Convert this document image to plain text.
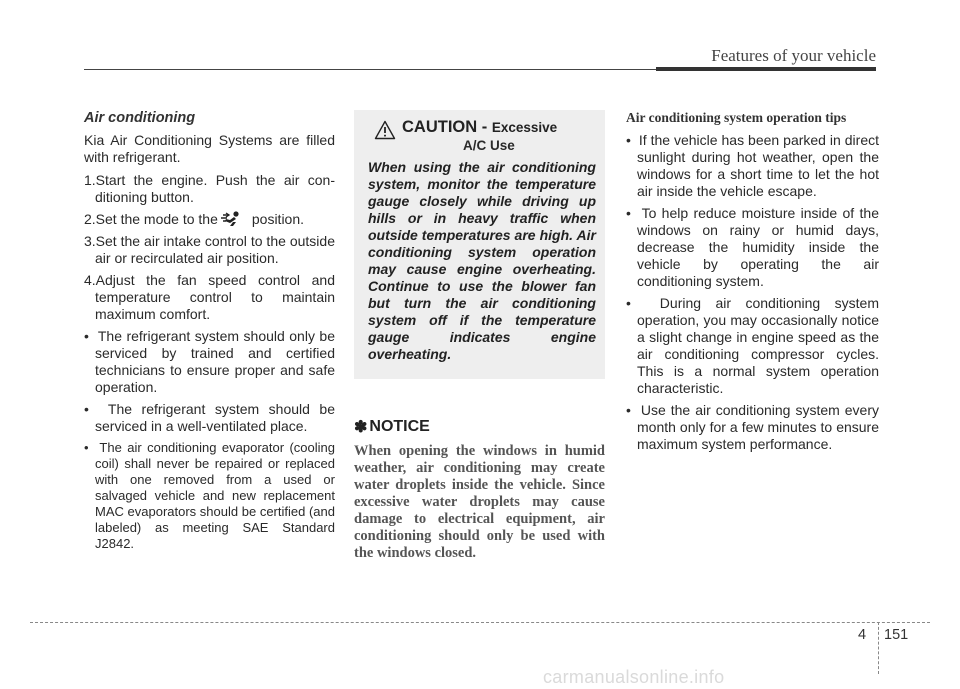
Features of your vehicle
Air conditioning

Kia Air Conditioning Systems are filled with refrigerant.

1.Start the engine. Push the air conditioning button.
2.Set the mode to the position.
3.Set the air intake control to the outside air or recirculated air position.
4.Adjust the fan speed control and temperature control to maintain maximum comfort.
•  The refrigerant system should only be serviced by trained and certified technicians to ensure proper and safe operation.
•  The refrigerant system should be serviced in a well-ventilated place.
•  The air conditioning evaporator (cooling coil) shall never be repaired or replaced with one removed from a used or salvaged vehicle and new replacement MAC evaporators should be certified (and labeled) as meeting SAE Standard J2842.
CAUTION - Excessive
A/C Use
When using the air conditioning system, monitor the temperature gauge closely while driving up hills or in heavy traffic when outside temperatures are high. Air conditioning system operation may cause engine overheating. Continue to use the blower fan but turn the air conditioning system off if the temperature gauge indicates engine overheating.
✽ NOTICE
When opening the windows in humid weather, air conditioning may create water droplets inside the vehicle. Since excessive water droplets may cause damage to electrical equipment, air conditioning should only be used with the windows closed.
Air conditioning system operation tips
•  If the vehicle has been parked in direct sunlight during hot weather, open the windows for a short time to let the hot air inside the vehicle escape.
•  To help reduce moisture inside of the windows on rainy or humid days, decrease the humidity inside the vehicle by operating the air conditioning system.
•  During air conditioning system operation, you may occasionally notice a slight change in engine speed as the air conditioning compressor cycles. This is a normal system operation characteristic.
•  Use the air conditioning system every month only for a few minutes to ensure maximum system performance.
4 151
carmanualsonline.info
